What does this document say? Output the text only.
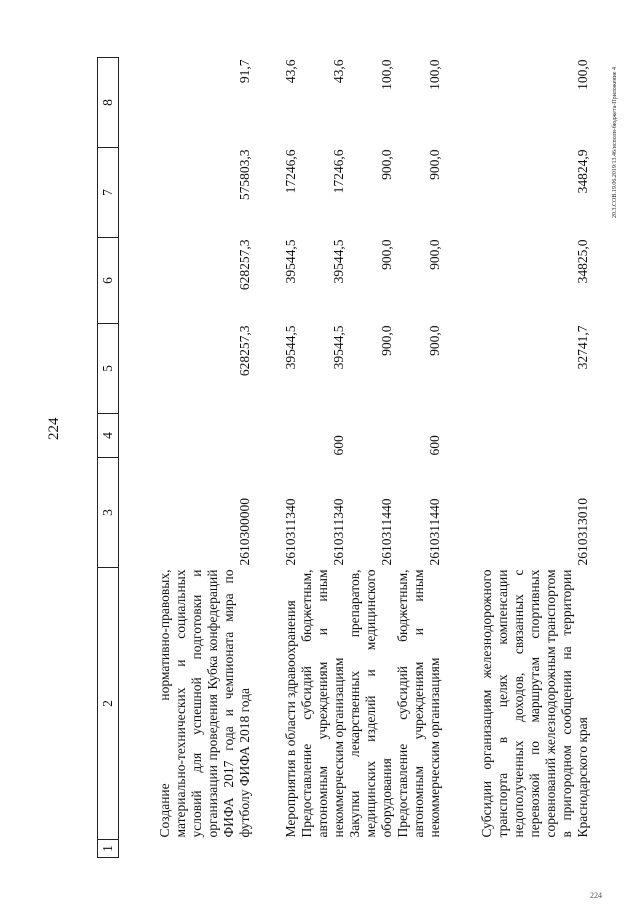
224
20.3.СОВ.19.06.2019/13.46/исполн-бюджета-Приложение 4
224
1	2	3	4	5	6	7	8
	Создание нормативно-правовых, материально-технических и социальных условий для успешной подготовки и организации проведения Кубка конфедераций ФИФА 2017 года и чемпионата мира по футболу ФИФА 2018 года	2610300000		628257,3	628257,3	575803,3	91,7
	Мероприятия в области здравоохранения	2610311340		39544,5	39544,5	17246,6	43,6
	Предоставление субсидий бюджетным, автономным учреждениям и иным некоммерческим организациям	2610311340	600	39544,5	39544,5	17246,6	43,6
	Закупки лекарственных препаратов, медицинских изделий и медицинского оборудования	2610311440		900,0	900,0	900,0	100,0
	Предоставление субсидий бюджетным, автономным учреждениям и иным некоммерческим организациям	2610311440	600	900,0	900,0	900,0	100,0
	Субсидии организациям железнодорожного транспорта в целях компенсации недополученных доходов, связанных с перевозкой по маршрутам спортивных соревнований железнодорожным транспортом в пригородном сообщении на территории Краснодарского края	2610313010		32741,7	34825,0	34824,9	100,0
